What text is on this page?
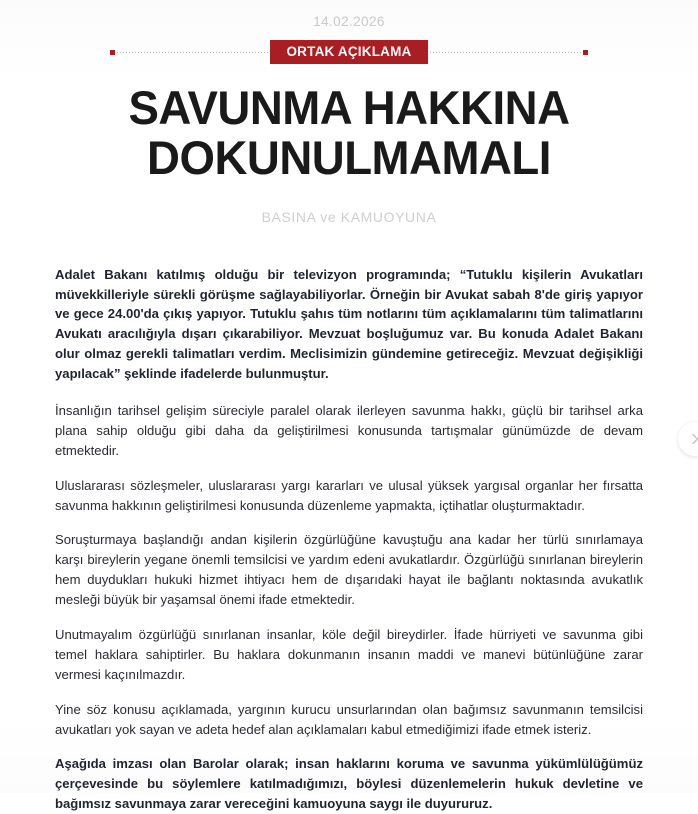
14.02.2026
ORTAK AÇIKLAMA
SAVUNMA HAKKINA
DOKUNULMAMALI
BASINA ve KAMUOYUNA

Adalet Bakanı katılmış olduğu bir televizyon programında; “Tutuklu kişilerin Avukatları müvekkilleriyle sürekli görüşme sağlayabiliyorlar. Örneğin bir Avukat sabah 8'de giriş yapıyor ve gece 24.00'da çıkış yapıyor. Tutuklu şahıs tüm notlarını tüm açıklamalarını tüm talimatlarını Avukatı aracılığıyla dışarı çıkarabiliyor. Mevzuat boşluğumuz var. Bu konuda Adalet Bakanı olur olmaz gerekli talimatları verdim. Meclisimizin gündemine getireceğiz. Mevzuat değişikliği yapılacak” şeklinde ifadelerde bulunmuştur.

İnsanlığın tarihsel gelişim süreciyle paralel olarak ilerleyen savunma hakkı, güçlü bir tarihsel arka plana sahip olduğu gibi daha da geliştirilmesi konusunda tartışmalar günümüzde de devam etmektedir.

Uluslararası sözleşmeler, uluslararası yargı kararları ve ulusal yüksek yargısal organlar her fırsatta savunma hakkının geliştirilmesi konusunda düzenleme yapmakta, içtihatlar oluşturmaktadır.

Soruşturmaya başlandığı andan kişilerin özgürlüğüne kavuştuğu ana kadar her türlü sınırlamaya karşı bireylerin yegane önemli temsilcisi ve yardım edeni avukatlardır. Özgürlüğü sınırlanan bireylerin hem duydukları hukuki hizmet ihtiyacı hem de dışarıdaki hayat ile bağlantı noktasında avukatlık mesleği büyük bir yaşamsal önemi ifade etmektedir.

Unutmayalım özgürlüğü sınırlanan insanlar, köle değil bireydirler. İfade hürriyeti ve savunma gibi temel haklara sahiptirler. Bu haklara dokunmanın insanın maddi ve manevi bütünlüğüne zarar vermesi kaçınılmazdır.

Yine söz konusu açıklamada, yargının kurucu unsurlarından olan bağımsız savunmanın temsilcisi avukatları yok sayan ve adeta hedef alan açıklamaları kabul etmediğimizi ifade etmek isteriz.

Aşağıda imzası olan Barolar olarak; insan haklarını koruma ve savunma yükümlülüğümüz çerçevesinde bu söylemlere katılmadığımızı, böylesi düzenlemelerin hukuk devletine ve bağımsız savunmaya zarar vereceğini kamuoyuna saygı ile duyururuz.
